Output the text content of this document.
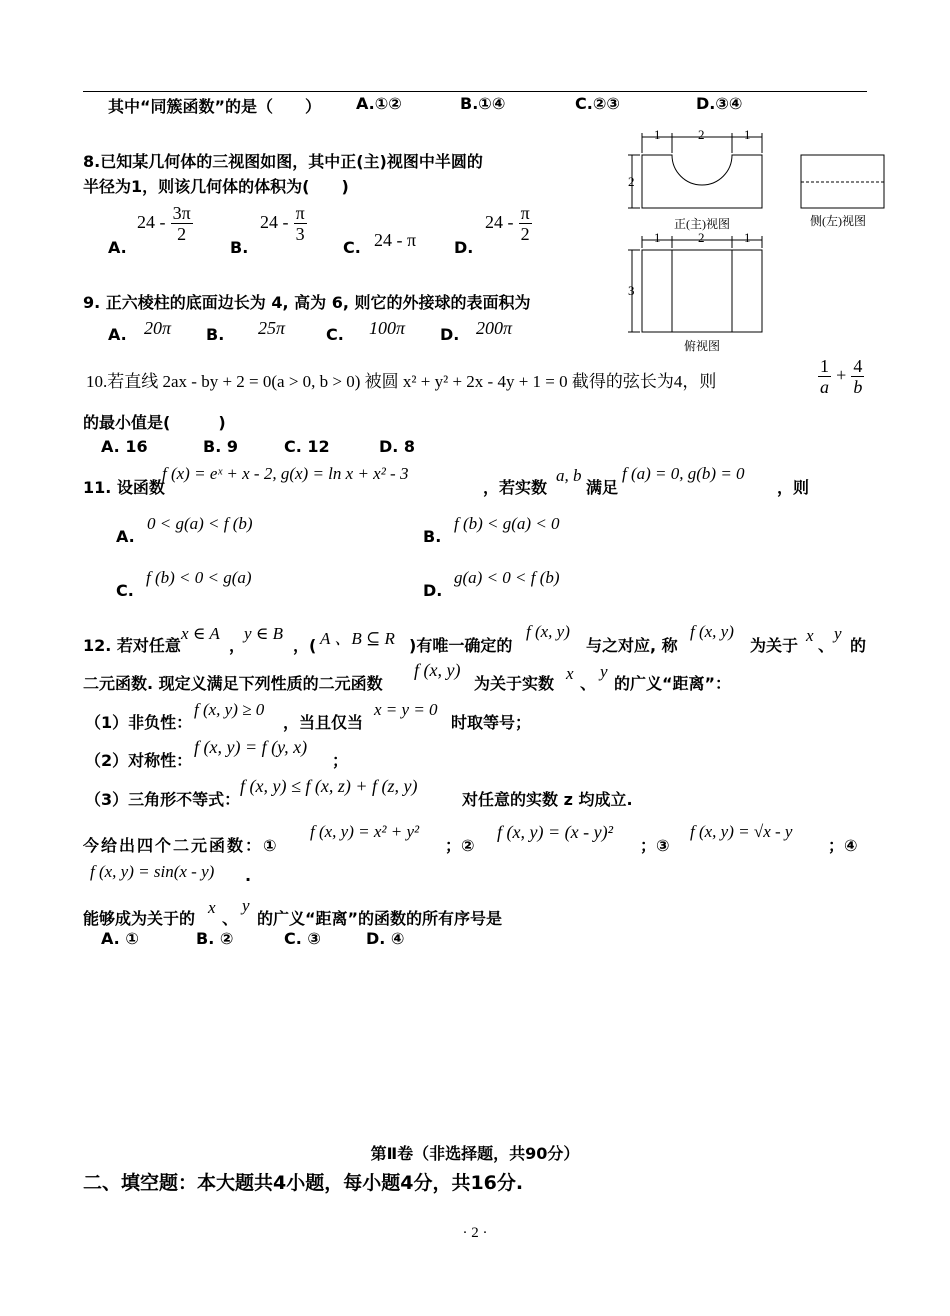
其中“同簇函数”的是（　　） A.①②	B.①④	C.②③	D.③④
8.已知某几何体的三视图如图，其中正(主)视图中半圆的
半径为1，则该几何体的体积为(　　)
A.
$24 - \frac{3\pi}{2}$
B.
$24 - \frac{\pi}{3}$
C. 24 - π D.
$24 - \frac{\pi}{2}$
1	2	1
2
正(主)视图	侧(左)视图
1	2	1
3
俯视图
9. 正六棱柱的底面边长为 4, 高为 6, 则它的外接球的表面积为
A. 20π B. 25π	C. 100π D. 200π
10.若直线 2ax - by + 2 = 0(a > 0, b > 0) 被圆 x² + y² + 2x - 4y + 1 = 0 截得的弦长为4，则	$\frac{1}{a} + \frac{4}{b}$
的最小值是(　　　)
A. 16	B. 9	C. 12	D. 8
11. 设函数
f (x) = eˣ + x - 2, g(x) = ln x + x² - 3
，若实数
a, b
满足
f (a) = 0, g(b) = 0
，则
A.
0 < g(a) < f (b)
B.
f (b) < g(a) < 0
C.
f (b) < 0 < g(a)
D.
g(a) < 0 < f (b)
12. 若对任意
x ∈ A
，
y ∈ B
，( A 、B ⊆ R )有唯一确定的
f (x, y)
与之对应, 称
f (x, y)
为关于
x
、
y
的
二元函数. 现定义满足下列性质的二元函数
f (x, y)
为关于实数
x
、
y
的广义“距离”：
（1）非负性：
f (x, y) ≥ 0
，当且仅当
x = y = 0
时取等号；
（2）对称性：
f (x, y) = f (y, x)
；
（3）三角形不等式：
f (x, y) ≤ f (x, z) + f (z, y)
对任意的实数 z 均成立.
今给出四个二元函数：①
f (x, y) = x² + y²
；②
f (x, y) = (x - y)²
；③
f (x, y) = √x - y
；④
f (x, y) = sin(x - y) .
能够成为关于的
x
、
y
的广义“距离”的函数的所有序号是
A. ①	B. ②	C. ③	D. ④
第Ⅱ卷（非选择题，共90分）
二、填空题：本大题共4小题，每小题4分，共16分.
· 2 ·
